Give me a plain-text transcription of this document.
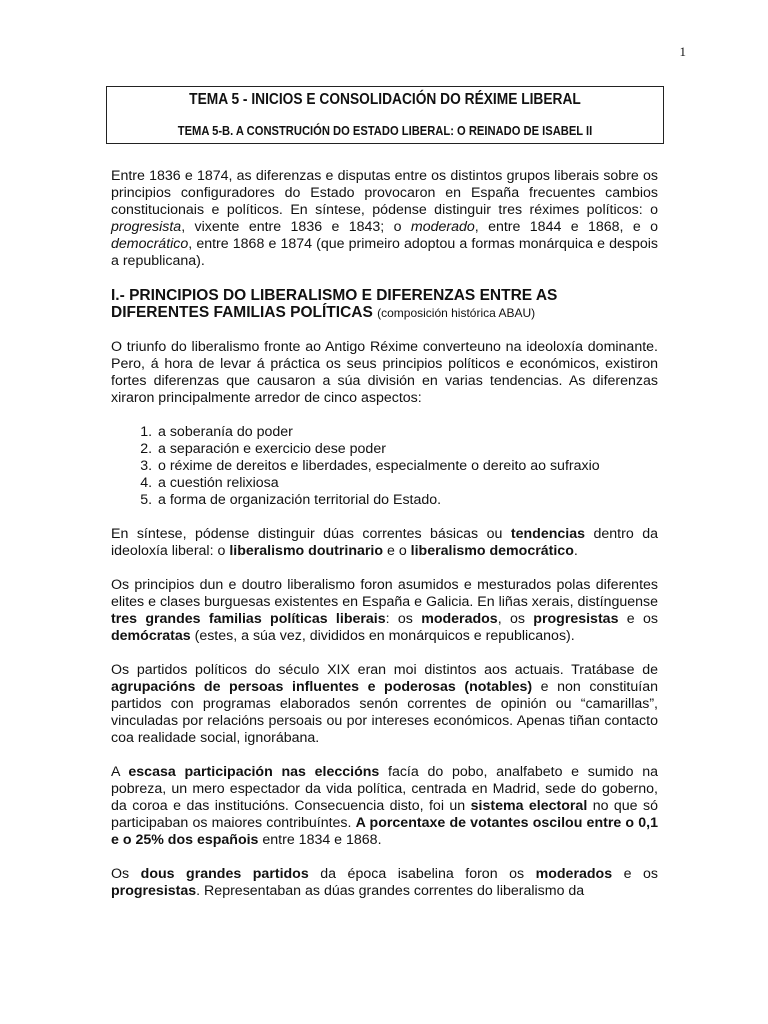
1
TEMA 5 - INICIOS E CONSOLIDACIÓN DO RÉXIME LIBERAL
TEMA 5-B. A CONSTRUCIÓN DO ESTADO LIBERAL: O REINADO DE ISABEL II

Entre 1836 e 1874, as diferenzas e disputas entre os distintos grupos liberais sobre os principios configuradores do Estado provocaron en España frecuentes cambios constitucionais e políticos. En síntese, pódense distinguir tres réximes políticos: o progresista, vixente entre 1836 e 1843; o moderado, entre 1844 e 1868, e o democrático, entre 1868 e 1874 (que primeiro adoptou a formas monárquica e despois a republicana).

I.- PRINCIPIOS DO LIBERALISMO E DIFERENZAS ENTRE AS DIFERENTES FAMILIAS POLÍTICAS (composición histórica ABAU)

O triunfo do liberalismo fronte ao Antigo Réxime converteuno na ideoloxía dominante. Pero, á hora de levar á práctica os seus principios políticos e económicos, existiron fortes diferenzas que causaron a súa división en varias tendencias. As diferenzas xiraron principalmente arredor de cinco aspectos:

1. a soberanía do poder
2. a separación e exercicio dese poder
3. o réxime de dereitos e liberdades, especialmente o dereito ao sufraxio
4. a cuestión relixiosa
5. a forma de organización territorial do Estado.

En síntese, pódense distinguir dúas correntes básicas ou tendencias dentro da ideoloxía liberal: o liberalismo doutrinario e o liberalismo democrático.

Os principios dun e doutro liberalismo foron asumidos e mesturados polas diferentes elites e clases burguesas existentes en España e Galicia. En liñas xerais, distínguense tres grandes familias políticas liberais: os moderados, os progresistas e os demócratas (estes, a súa vez, divididos en monárquicos e republicanos).

Os partidos políticos do século XIX eran moi distintos aos actuais. Tratábase de agrupacións de persoas influentes e poderosas (notables) e non constituían partidos con programas elaborados senón correntes de opinión ou “camarillas”, vinculadas por relacións persoais ou por intereses económicos. Apenas tiñan contacto coa realidade social, ignorábana.

A escasa participación nas eleccións facía do pobo, analfabeto e sumido na pobreza, un mero espectador da vida política, centrada en Madrid, sede do goberno, da coroa e das institucións. Consecuencia disto, foi un sistema electoral no que só participaban os maiores contribuíntes. A porcentaxe de votantes oscilou entre o 0,1 e o 25% dos españois entre 1834 e 1868.

Os dous grandes partidos da época isabelina foron os moderados e os progresistas. Representaban as dúas grandes correntes do liberalismo da
